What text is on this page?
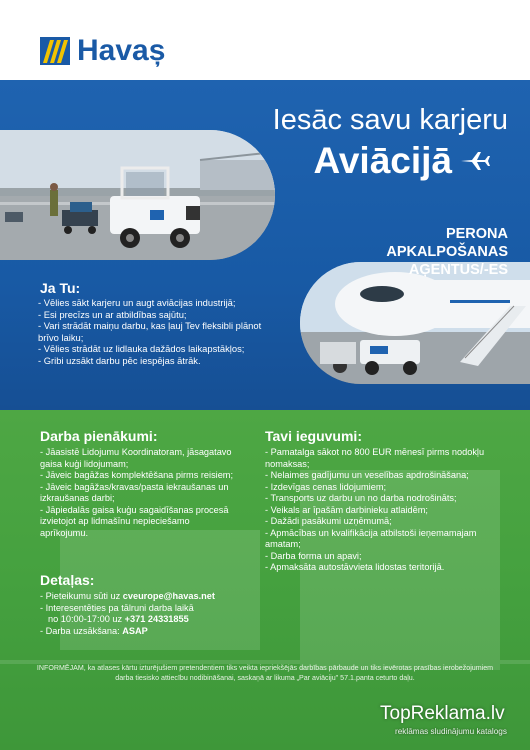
Havaș
Iesāc savu karjeru
Aviācijā
PERONA APKALPOŠANAS AĢENTUS/-ES
Ja Tu:
- Vēlies sākt karjeru un augt aviācijas industrijā;
- Esi precīzs un ar atbildības sajūtu;
- Vari strādāt maiņu darbu, kas ļauj Tev fleksibli plānot brīvo laiku;
- Vēlies strādāt uz lidlauka dažādos laikapstākļos;
- Gribi uzsākt darbu pēc iespējas ātrāk.
Darba pienākumi:
- Jāasistē Lidojumu Koordinatoram, jāsagatavo gaisa kuģi lidojumam;
- Jāveic bagāžas komplektēšana pirms reisiem;
- Jāveic bagāžas/kravas/pasta iekraušanas un izkraušanas darbi;
- Jāpiedalās gaisa kuģu sagaidīšanas procesā izvietojot ap lidmašīnu nepieciešamo aprīkojumu.
Tavi ieguvumi:
- Pamatalga sākot no 800 EUR mēnesī pirms nodokļu nomaksas;
- Nelaimes gadījumu un veselības apdrošināšana;
- Izdevīgas cenas lidojumiem;
- Transports uz darbu un no darba nodrošināts;
- Veikals ar īpašām darbinieku atlaidēm;
- Dažādi pasākumi uzņēmumā;
- Apmācības un kvalifikācija atbilstoši ieņemamajam amatam;
- Darba forma un apavi;
- Apmaksāta autostāvvieta lidostas teritorijā.
Detaļas:
- Pieteikumu sūti uz cveurope@havas.net
- Interesentēties pa tālruni darba laikā
no 10:00-17:00 uz +371 24331855
- Darba uzsākšana: ASAP
INFORMĒJAM, ka atlases kārtu izturējušiem pretendentiem tiks veikta iepriekšējās darbības pārbaude un tiks ievērotas prasības ierobežojumiem darba tiesisko attiecību nodibināšanai, saskaņā ar likuma „Par aviāciju" 57.1.panta ceturto daļu.
TopReklama.lv
reklāmas sludinājumu katalogs
